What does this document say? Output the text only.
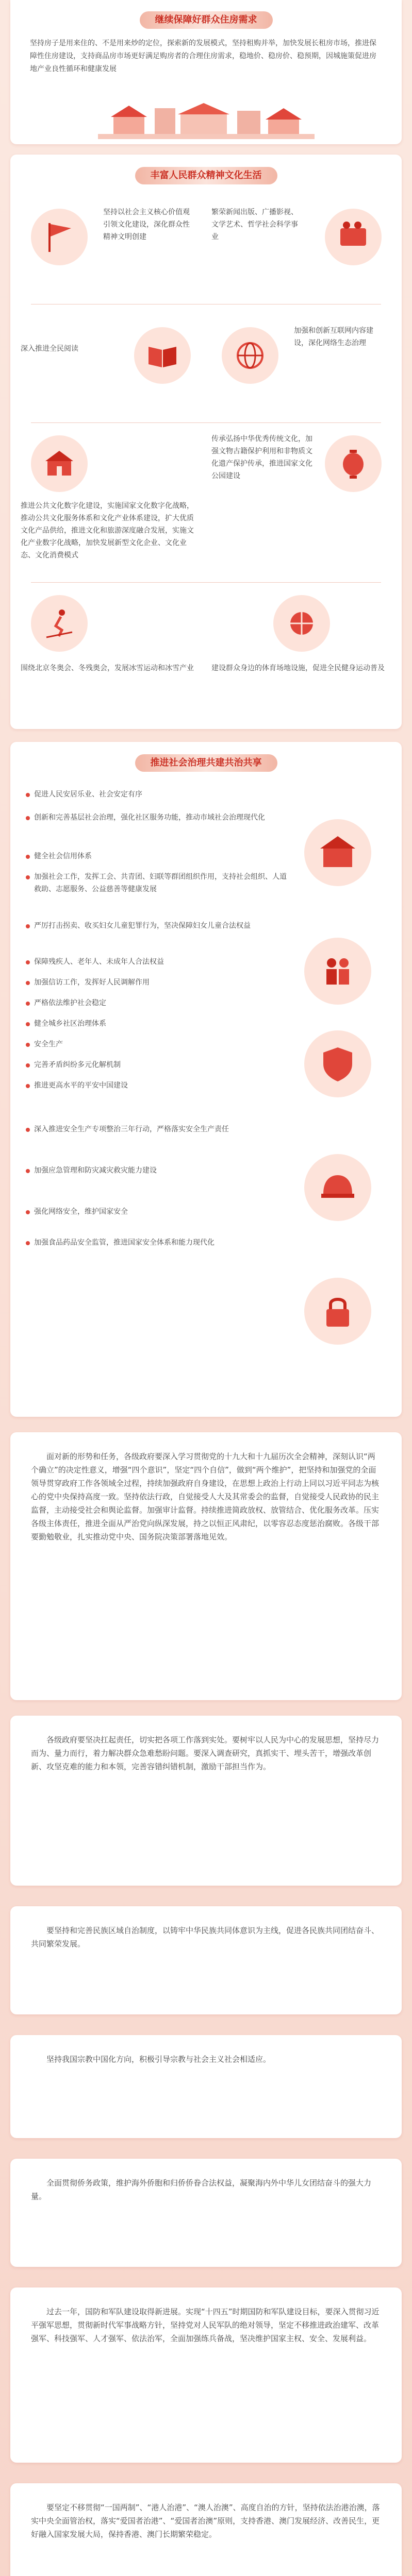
继续保障好群众住房需求
坚持房子是用来住的、不是用来炒的定位，探索新的发展模式，坚持租购并举，加快发展长租房市场，推进保障性住房建设，支持商品房市场更好满足购房者的合理住房需求，稳地价、稳房价、稳预期，因城施策促进房地产业良性循环和健康发展
丰富人民群众精神文化生活
坚持以社会主义核心价值观引领文化建设，深化群众性精神文明创建
繁荣新闻出版、广播影视、文学艺术、哲学社会科学事业
深入推进全民阅读
加强和创新互联网内容建设，深化网络生态治理
推进公共文化数字化建设，实施国家文化数字化战略，推动公共文化服务体系和文化产业体系建设，扩大优质文化产品供给，推进文化和旅游深度融合发展，实施文化产业数字化战略，加快发展新型文化企业、文化业态、文化消费模式
传承弘扬中华优秀传统文化，加强文物古籍保护利用和非物质文化遗产保护传承，推进国家文化公园建设
围绕北京冬奥会、冬残奥会，发展冰雪运动和冰雪产业 建设群众身边的体育场地设施，促进全民健身运动普及
推进社会治理共建共治共享
促进人民安居乐业、社会安定有序
创新和完善基层社会治理，强化社区服务功能，推动市域社会治理现代化
健全社会信用体系
加强社会工作，发挥工会、共青团、妇联等群团组织作用，支持社会组织、人道救助、志愿服务、公益慈善等健康发展
严厉打击拐卖、收买妇女儿童犯罪行为，坚决保障妇女儿童合法权益
保障残疾人、老年人、未成年人合法权益
加强信访工作，发挥好人民调解作用
严格依法维护社会稳定
健全城乡社区治理体系
安全生产
完善矛盾纠纷多元化解机制
推进更高水平的平安中国建设
深入推进安全生产专项整治三年行动，严格落实安全生产责任
加强应急管理和防灾减灾救灾能力建设
强化网络安全，维护国家安全
加强食品药品安全监管，推进国家安全体系和能力现代化
面对新的形势和任务，各级政府要深入学习贯彻党的十九大和十九届历次全会精神，深刻认识“两个确立”的决定性意义，增强“四个意识”，坚定“四个自信”，做到“两个维护”，把坚持和加强党的全面领导贯穿政府工作各领域全过程，持续加强政府自身建设，在思想上政治上行动上同以习近平同志为核心的党中央保持高度一致。坚持依法行政，自觉接受人大及其常委会的监督，自觉接受人民政协的民主监督，主动接受社会和舆论监督。加强审计监督。持续推进简政放权、放管结合、优化服务改革。压实各级主体责任，推进全面从严治党向纵深发展，持之以恒正风肃纪，以零容忍态度惩治腐败。各级干部要勤勉敬业，扎实推动党中央、国务院决策部署落地见效。
各级政府要坚决扛起责任，切实把各项工作落到实处。要树牢以人民为中心的发展思想，坚持尽力而为、量力而行，着力解决群众急难愁盼问题。要深入调查研究，真抓实干、埋头苦干，增强改革创新、攻坚克难的能力和本领，完善容错纠错机制，激励干部担当作为。
要坚持和完善民族区域自治制度，以铸牢中华民族共同体意识为主线，促进各民族共同团结奋斗、共同繁荣发展。
坚持我国宗教中国化方向，积极引导宗教与社会主义社会相适应。
全面贯彻侨务政策，维护海外侨胞和归侨侨眷合法权益，凝聚海内外中华儿女团结奋斗的强大力量。
过去一年，国防和军队建设取得新进展。实现“十四五”时期国防和军队建设目标，要深入贯彻习近平强军思想，贯彻新时代军事战略方针，坚持党对人民军队的绝对领导，坚定不移推进政治建军、改革强军、科技强军、人才强军、依法治军，全面加强练兵备战，坚决维护国家主权、安全、发展利益。
要坚定不移贯彻“一国两制”、“港人治港”、“澳人治澳”、高度自治的方针，坚持依法治港治澳，落实中央全面管治权，落实“爱国者治港”、“爱国者治澳”原则，支持香港、澳门发展经济、改善民生，更好融入国家发展大局，保持香港、澳门长期繁荣稳定。
